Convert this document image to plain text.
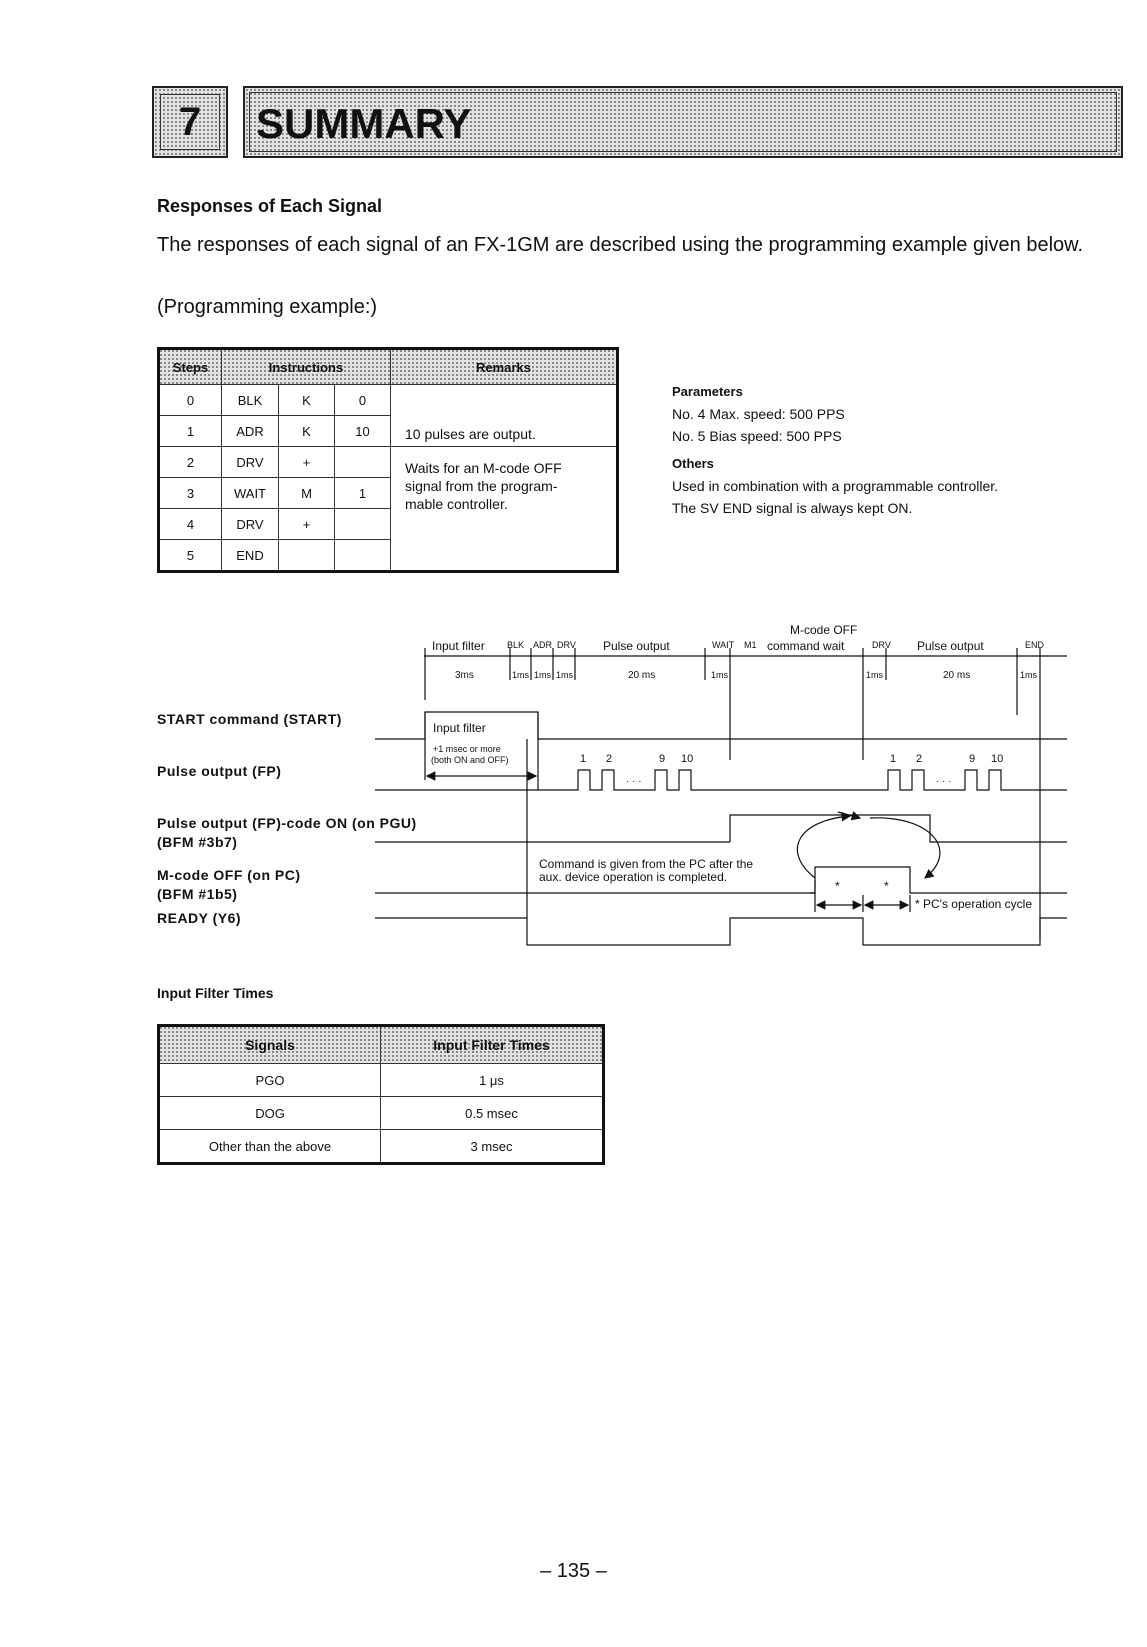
7	SUMMARY
Responses of Each Signal
The responses of each signal of an FX-1GM are described using the programming example given below.
(Programming example:)
Steps	Instructions			Remarks
0	BLK	K	0	10 pulses are output.

1	ADR	K	10	
2	DRV	+		Waits for an M-code OFF signal from the program-mable controller.

3	WAIT	M	1	
4	DRV	+		
5	END			
Parameters
No. 4 Max. speed: 500 PPS
No. 5 Bias speed: 500 PPS
Others
Used in combination with a programmable controller.
The SV END signal is always kept ON.
START command (START)
Pulse output (FP)
Pulse output (FP)-code ON (on PGU)
(BFM #3b7)
M-code OFF (on PC)
(BFM #1b5)
READY (Y6)
Input filter BLK ADR DRV Pulse output	WAIT M1
M-code OFF
command wait	DRV Pulse output	END
3ms	1ms 1ms 1ms	20 ms	1ms	1ms	20 ms	1ms
Input filter
+1 msec or more
(both ON and OFF)	1 2	9 10
· · ·
1 2	9 10
· · ·
Command is given from the PC after the
aux. device operation is completed.
*	*
* PC's operation cycle
Input Filter Times
Signals	Input Filter Times
PGO	1 μs
DOG	0.5 msec
Other than the above	3 msec
– 135 –
